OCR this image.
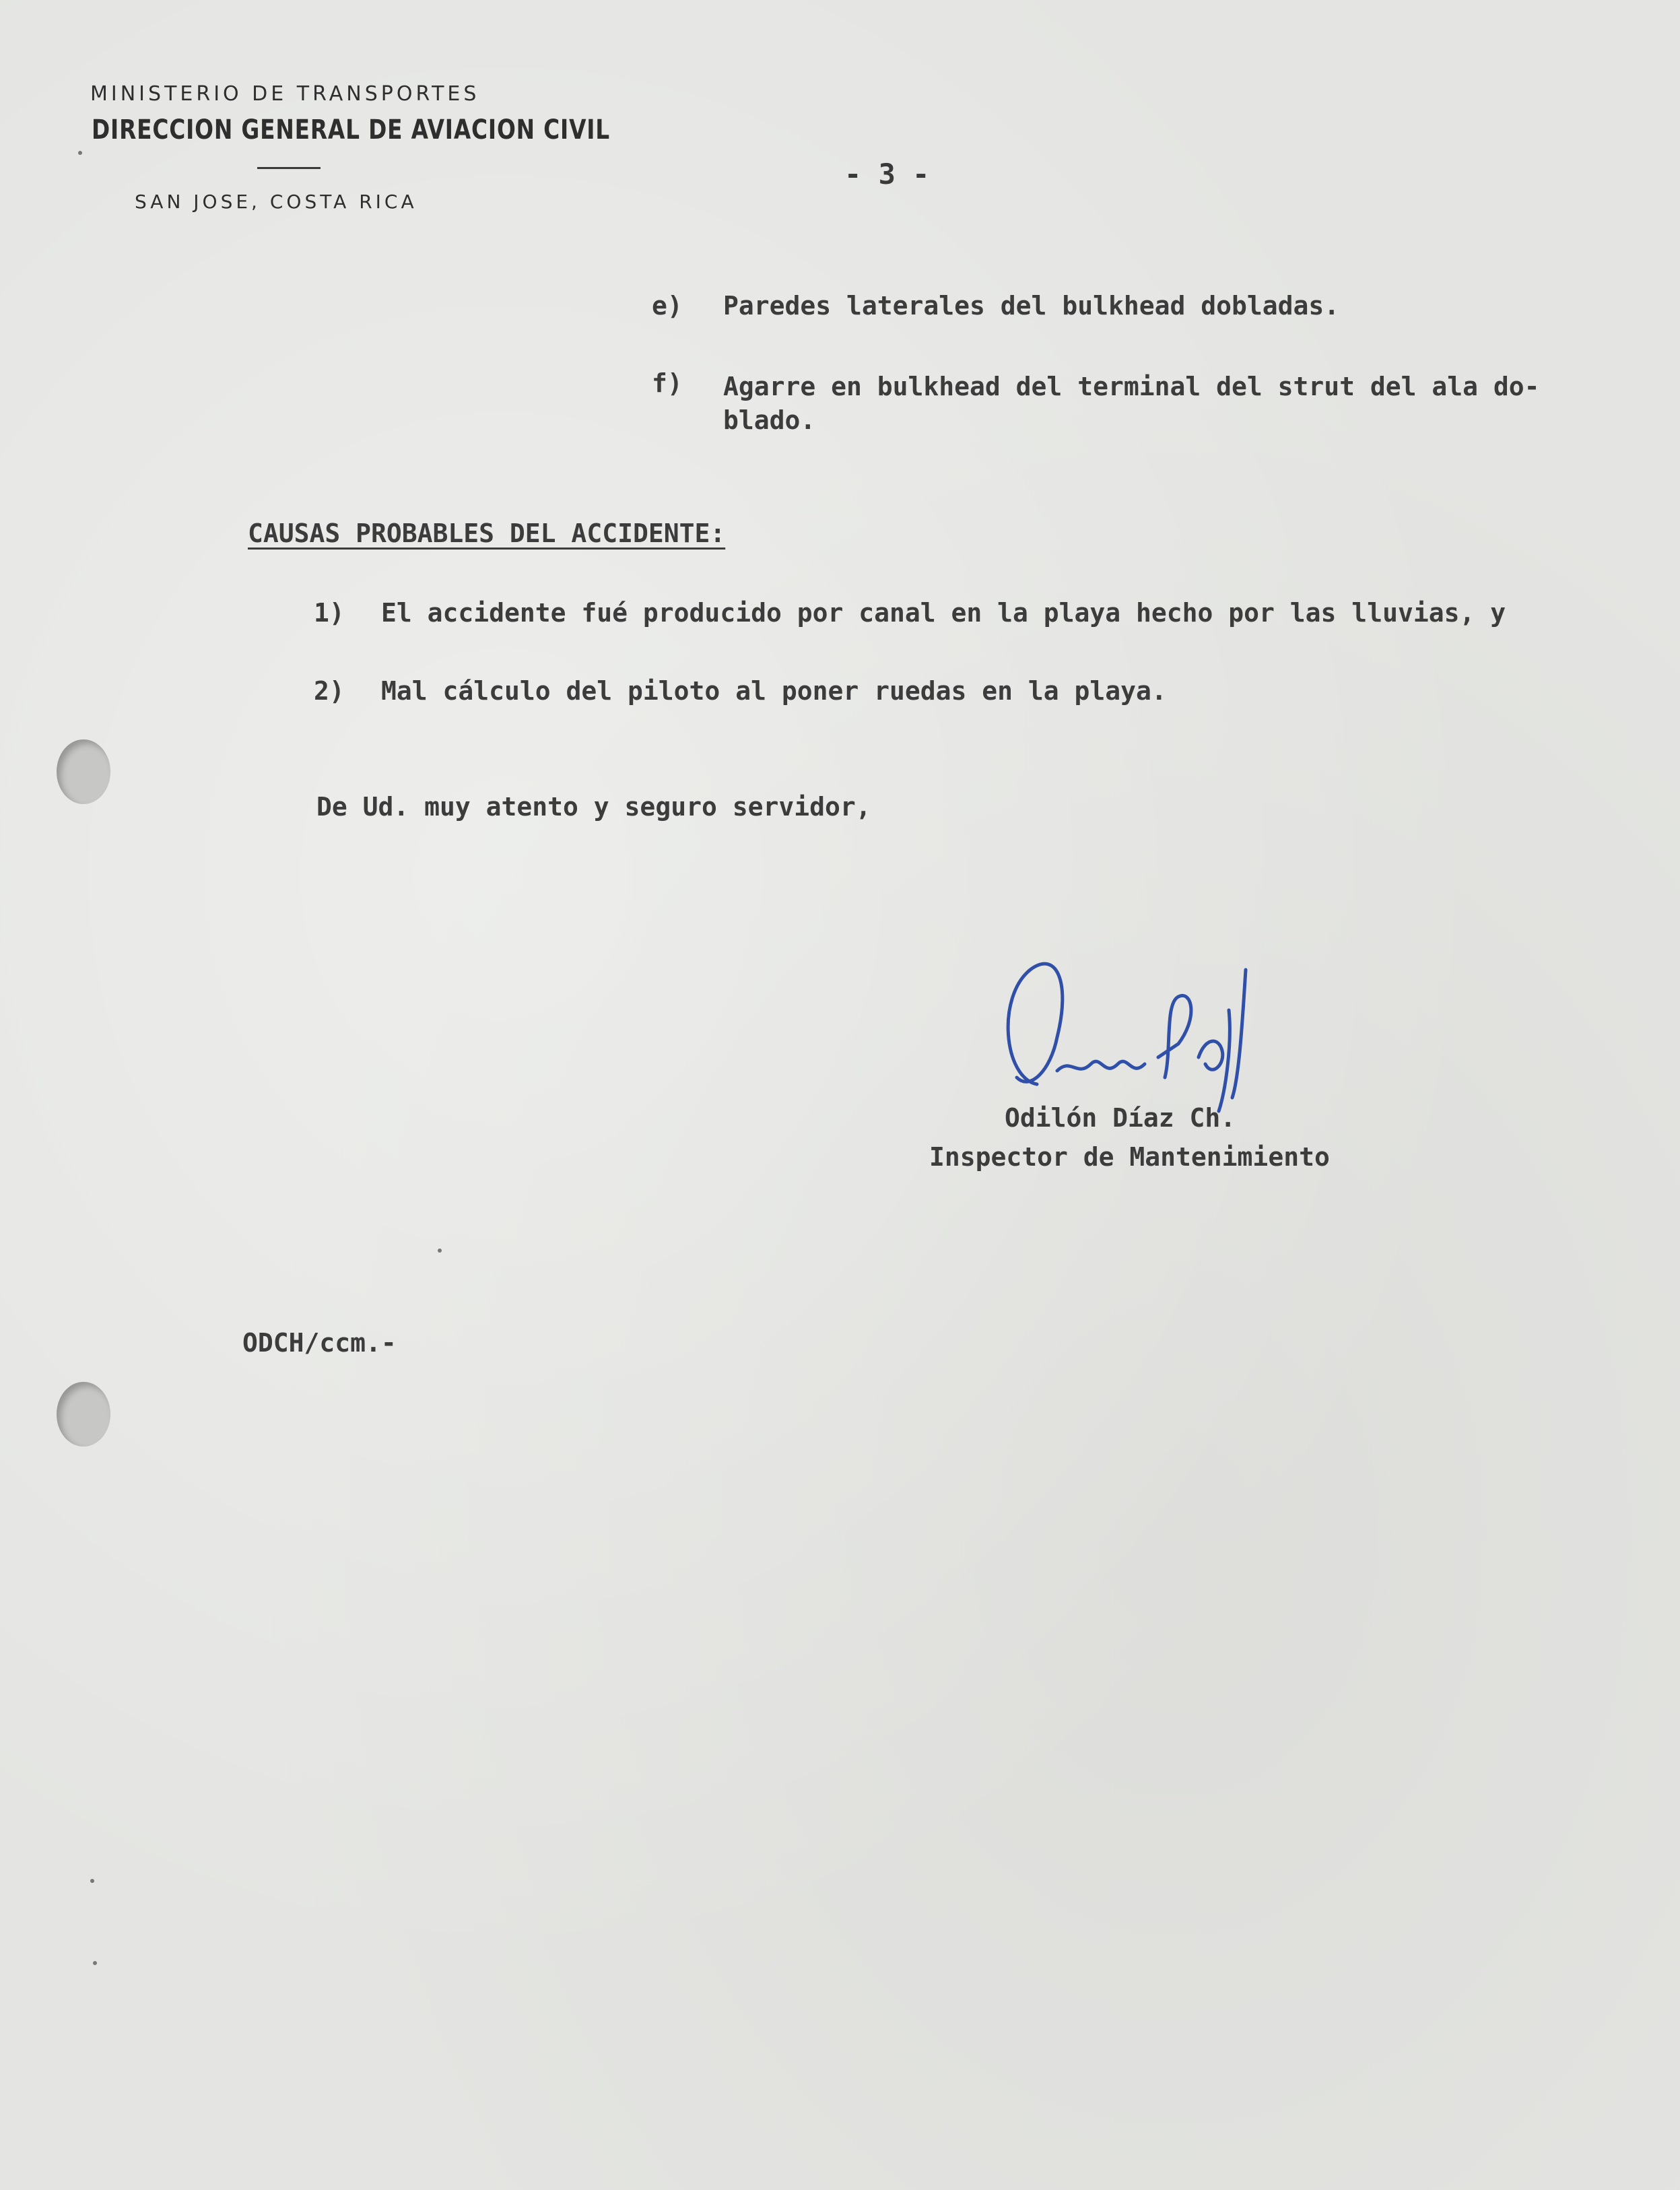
MINISTERIO DE TRANSPORTES
DIRECCION GENERAL DE AVIACION CIVIL
SAN JOSE, COSTA RICA
- 3 -
e) Paredes laterales del bulkhead dobladas.
f) Agarre en bulkhead del terminal del strut del ala do-
blado.
CAUSAS PROBABLES DEL ACCIDENTE:
1) El accidente fué producido por canal en la playa hecho por las lluvias, y
2) Mal cálculo del piloto al poner ruedas en la playa.
De Ud. muy atento y seguro servidor,
Odilón Díaz Ch.
Inspector de Mantenimiento
ODCH/ccm.-
